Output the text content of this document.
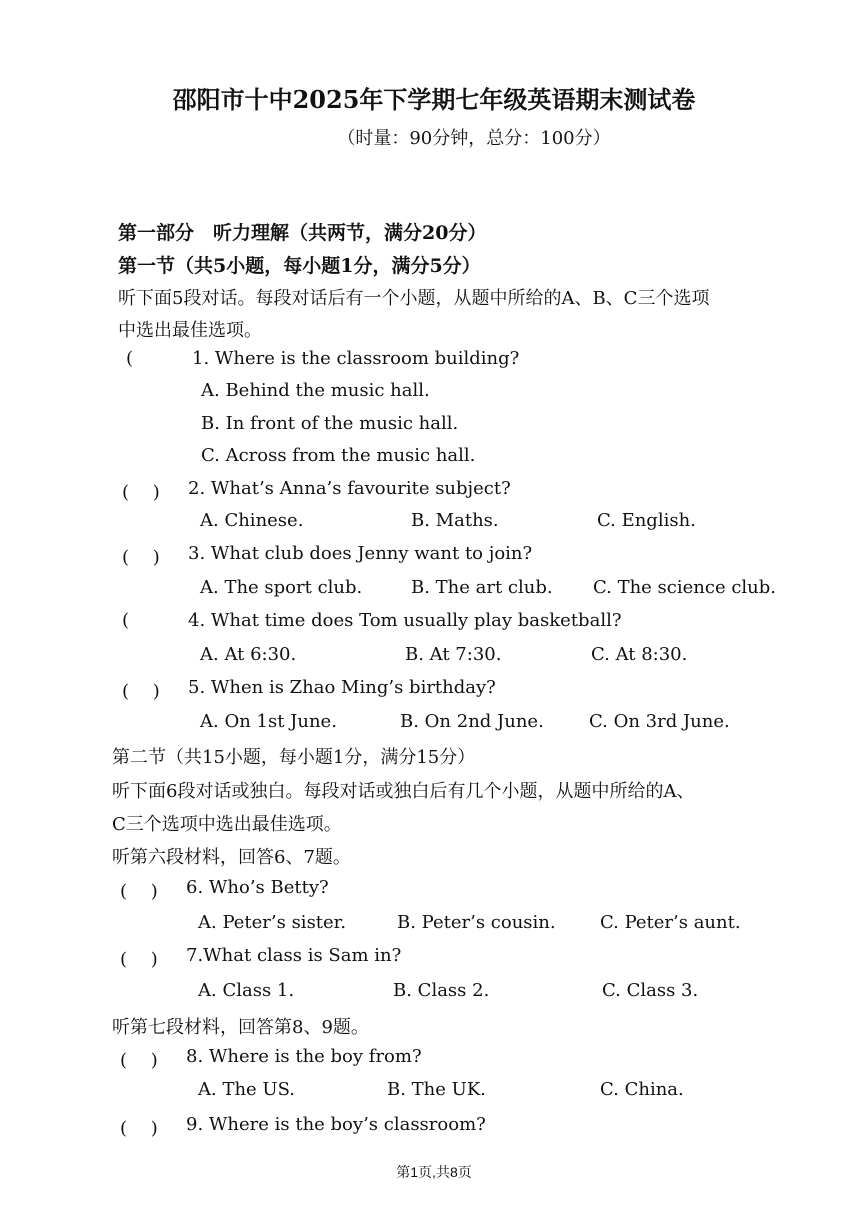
邵阳市十中2025年下学期七年级英语期末测试卷
（时量：90分钟，总分：100分）
第一部分　听力理解（共两节，满分20分）
第一节（共5小题，每小题1分，满分5分）
听下面5段对话。每段对话后有一个小题，从题中所给的A、B、C三个选项
中选出最佳选项。
(	1. Where is the classroom building?
A. Behind the music hall.
B. In front of the music hall.
C. Across from the music hall.
(　 ) 2. What’s Anna’s favourite subject?
A. Chinese.	B. Maths.	C. English.
(　 ) 3. What club does Jenny want to join?
A. The sport club.	B. The art club. C. The science club.
(	4. What time does Tom usually play basketball?
A. At 6:30.	B. At 7:30.	C. At 8:30.
(　 ) 5. When is Zhao Ming’s birthday?
A. On 1st June.	B. On 2nd June.	C. On 3rd June.
第二节（共15小题，每小题1分，满分15分）
听下面6段对话或独白。每段对话或独白后有几个小题，从题中所给的A、
C三个选项中选出最佳选项。
听第六段材料，回答6、7题。
(　 ) 6. Who’s Betty?
A. Peter’s sister.	B. Peter’s cousin. C. Peter’s aunt.
(　 ) 7.What class is Sam in?
A. Class 1.	B. Class 2.	C. Class 3.
听第七段材料，回答第8、9题。
(　 ) 8. Where is the boy from?
A. The US.	B. The UK.	C. China.
(　 ) 9. Where is the boy’s classroom?
第1页,共8页
